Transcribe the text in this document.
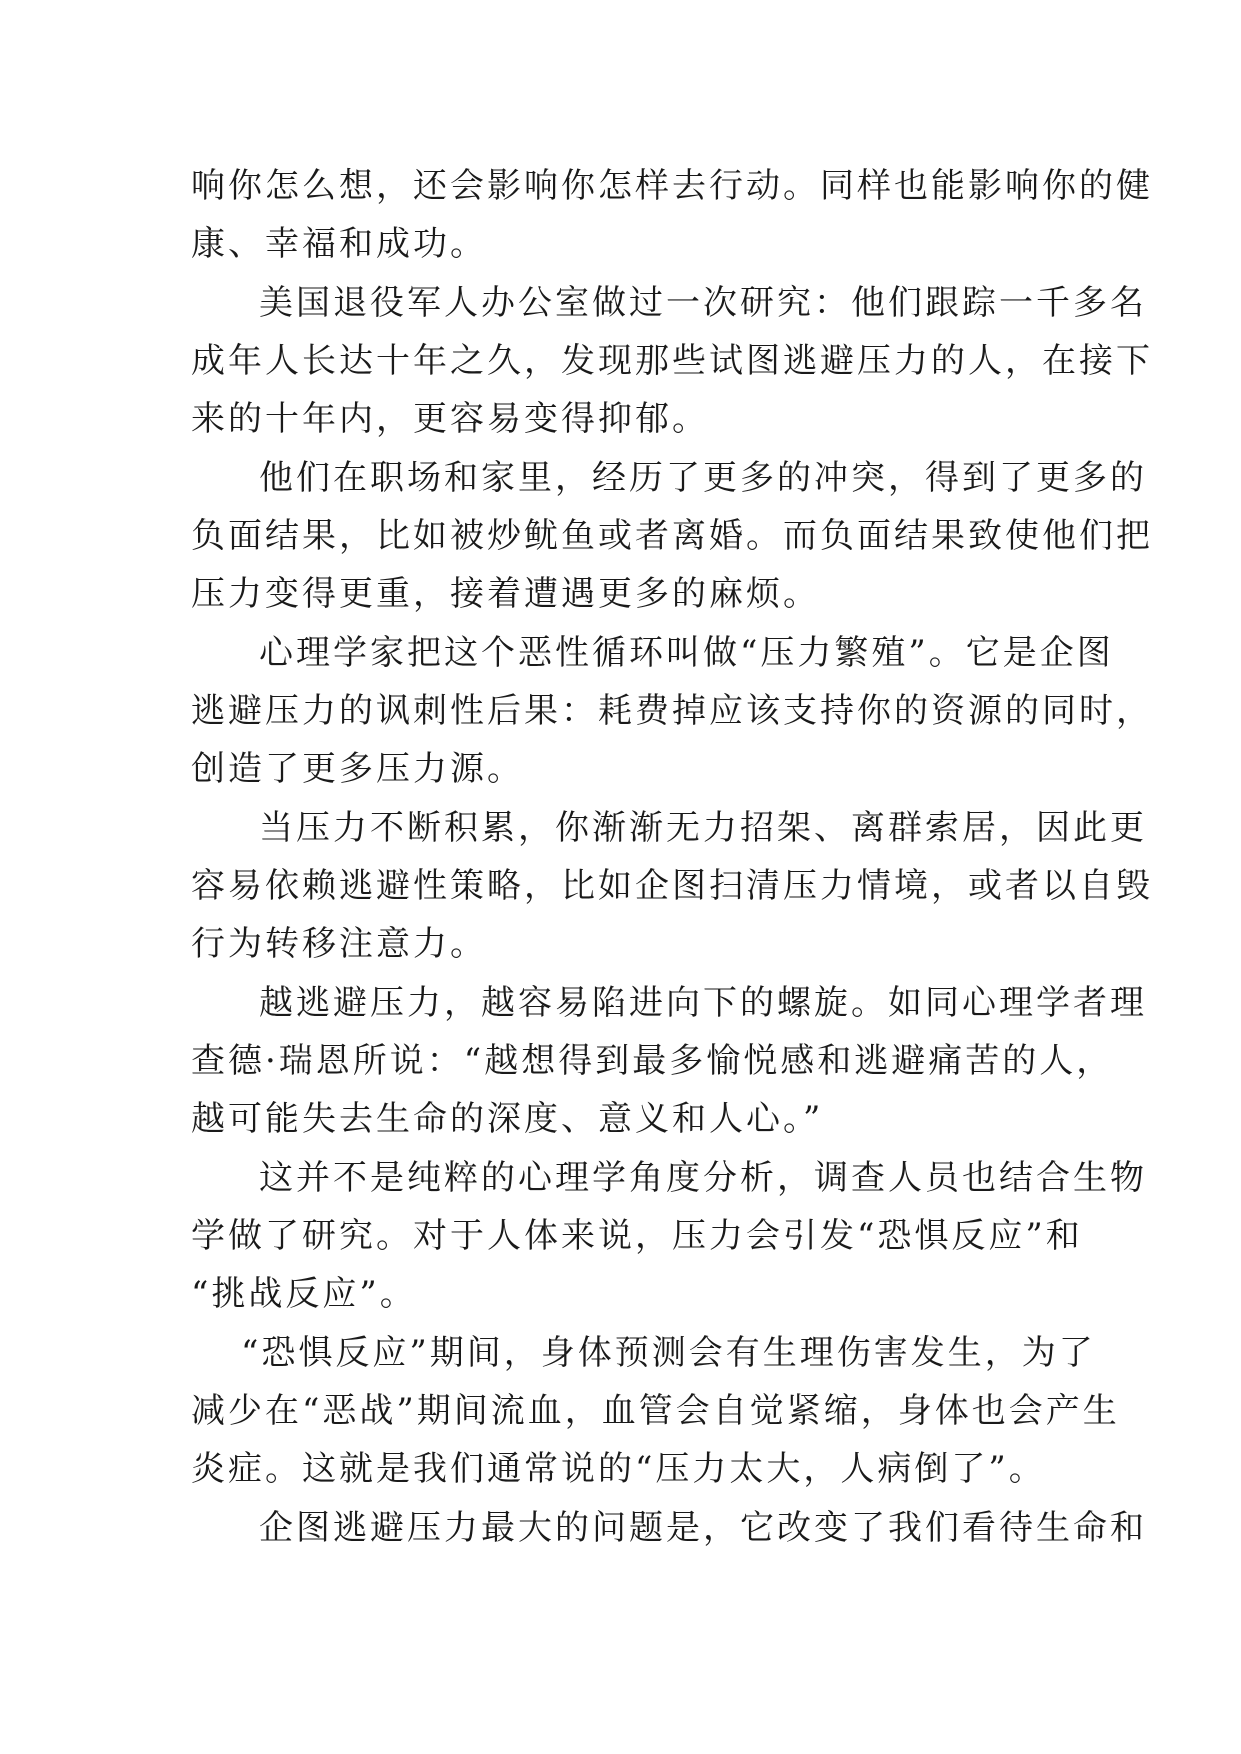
响你怎么想，还会影响你怎样去行动。同样也能影响你的健
康、幸福和成功。
美国退役军人办公室做过一次研究：他们跟踪一千多名
成年人长达十年之久，发现那些试图逃避压力的人，在接下
来的十年内，更容易变得抑郁。
他们在职场和家里，经历了更多的冲突，得到了更多的
负面结果，比如被炒鱿鱼或者离婚。而负面结果致使他们把
压力变得更重，接着遭遇更多的麻烦。
心理学家把这个恶性循环叫做“压力繁殖”。它是企图
逃避压力的讽刺性后果：耗费掉应该支持你的资源的同时，
创造了更多压力源。
当压力不断积累，你渐渐无力招架、离群索居，因此更
容易依赖逃避性策略，比如企图扫清压力情境，或者以自毁
行为转移注意力。
越逃避压力，越容易陷进向下的螺旋。如同心理学者理
查德·瑞恩所说：“越想得到最多愉悦感和逃避痛苦的人，
越可能失去生命的深度、意义和人心。”
这并不是纯粹的心理学角度分析，调查人员也结合生物
学做了研究。对于人体来说，压力会引发“恐惧反应”和
“挑战反应”。
“恐惧反应”期间，身体预测会有生理伤害发生，为了
减少在“恶战”期间流血，血管会自觉紧缩，身体也会产生
炎症。这就是我们通常说的“压力太大，人病倒了”。
企图逃避压力最大的问题是，它改变了我们看待生命和
